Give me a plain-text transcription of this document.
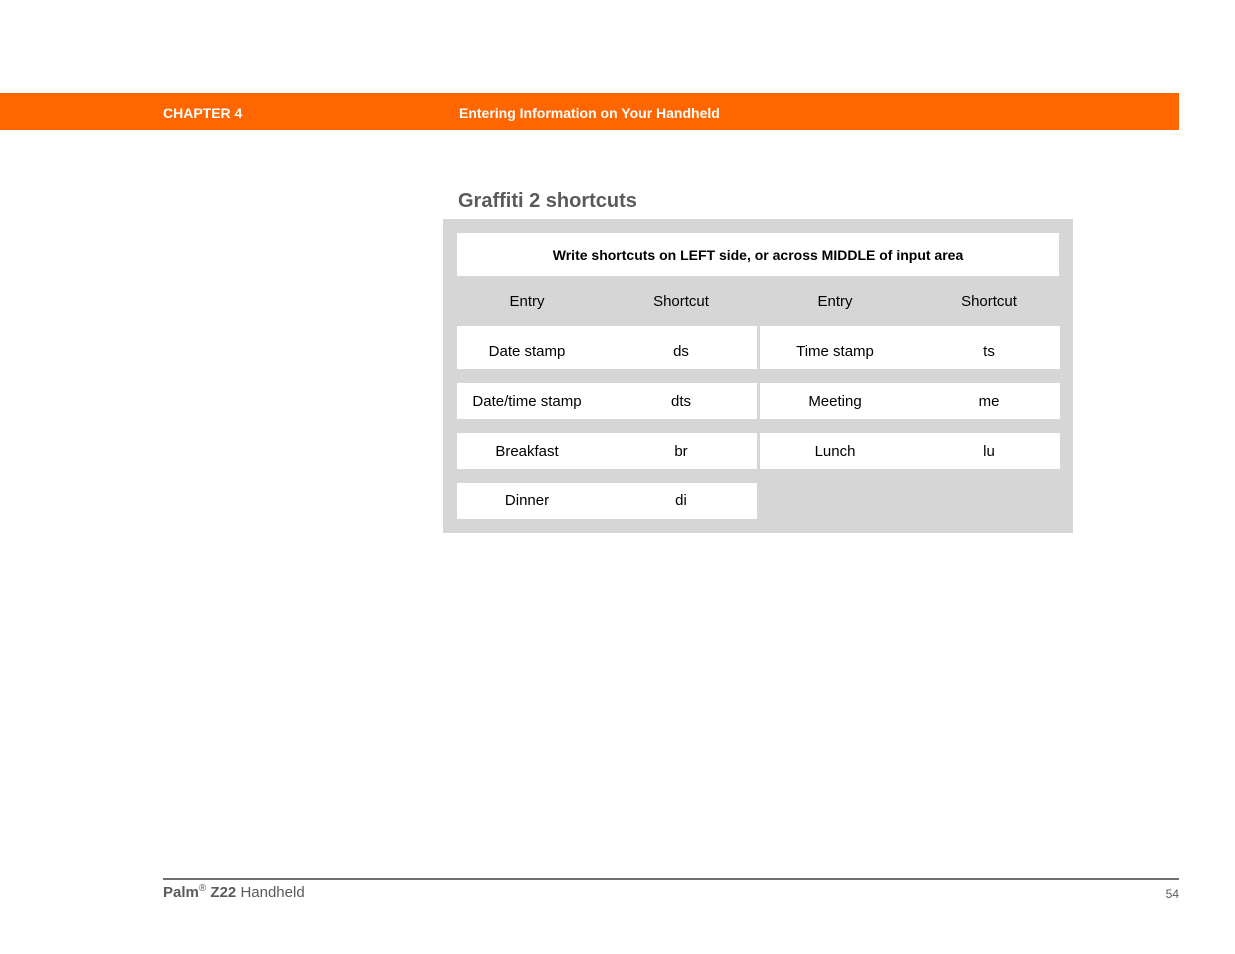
CHAPTER 4	Entering Information on Your Handheld
Graffiti 2 shortcuts
Write shortcuts on LEFT side, or across MIDDLE of input area
Entry	Shortcut	Entry	Shortcut
Date stamp	ds	Time stamp	ts
Date/time stamp	dts	Meeting	me
Breakfast	br	Lunch	lu
Dinner	di
Palm® Z22 Handheld	54
